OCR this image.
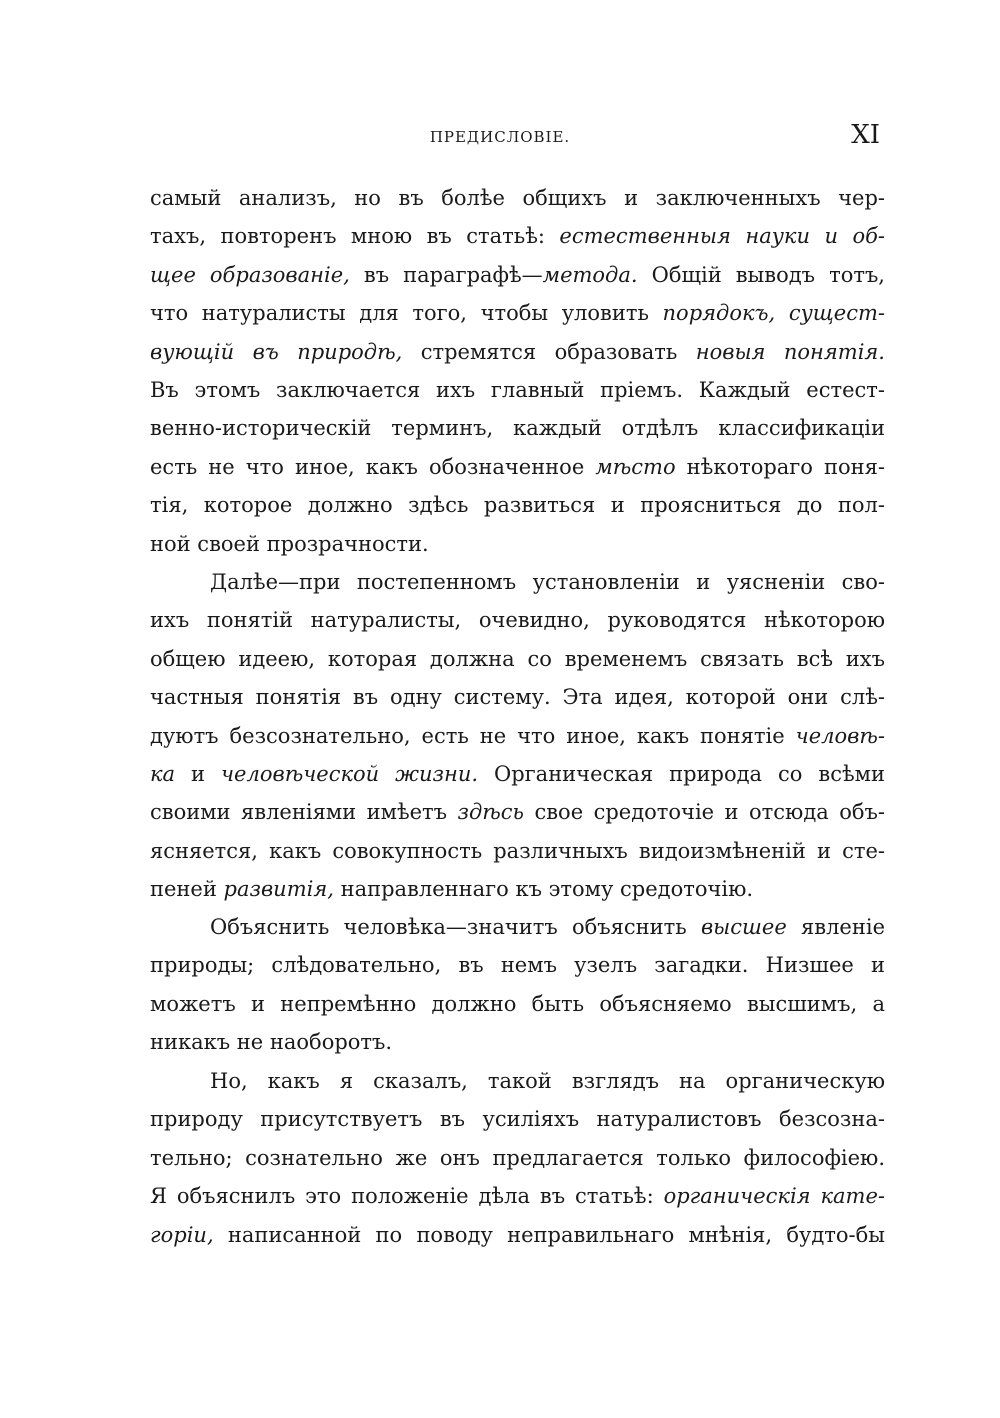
ПРЕДИСЛОВІЕ.	XI
самый анализъ, но въ болѣе общихъ и заключенныхъ чер-
тахъ, повторенъ мною въ статьѣ: естественныя науки и об-
щее образованіе, въ параграфѣ—метода. Общій выводъ тотъ,
что натуралисты для того, чтобы уловить порядокъ, сущест-
вующій въ природѣ, стремятся образовать новыя понятія.
Въ этомъ заключается ихъ главный пріемъ. Каждый естест-
венно-историческій терминъ, каждый отдѣлъ классификаціи
есть не что иное, какъ обозначенное мѣсто нѣкотораго поня-
тія, которое должно здѣсь развиться и проясниться до пол-
ной своей прозрачности.
Далѣе—при постепенномъ установленіи и уясненіи сво-
ихъ понятій натуралисты, очевидно, руководятся нѣкоторою
общею идеею, которая должна со временемъ связать всѣ ихъ
частныя понятія въ одну систему. Эта идея, которой они слѣ-
дуютъ безсознательно, есть не что иное, какъ понятіе человѣ-
ка и человѣческой жизни. Органическая природа со всѣми
своими явленіями имѣетъ здѣсь свое средоточіе и отсюда объ-
ясняется, какъ совокупность различныхъ видоизмѣненій и сте-
пеней развитія, направленнаго къ этому средоточію.
Объяснить человѣка—значитъ объяснить высшее явленіе
природы; слѣдовательно, въ немъ узелъ загадки. Низшее и
можетъ и непремѣнно должно быть объясняемо высшимъ, а
никакъ не наоборотъ.
Но, какъ я сказалъ, такой взглядъ на органическую
природу присутствуетъ въ усиліяхъ натуралистовъ безсозна-
тельно; сознательно же онъ предлагается только философіею.
Я объяснилъ это положеніе дѣла въ статьѣ: органическія кате-
горіи, написанной по поводу неправильнаго мнѣнія, будто-бы
